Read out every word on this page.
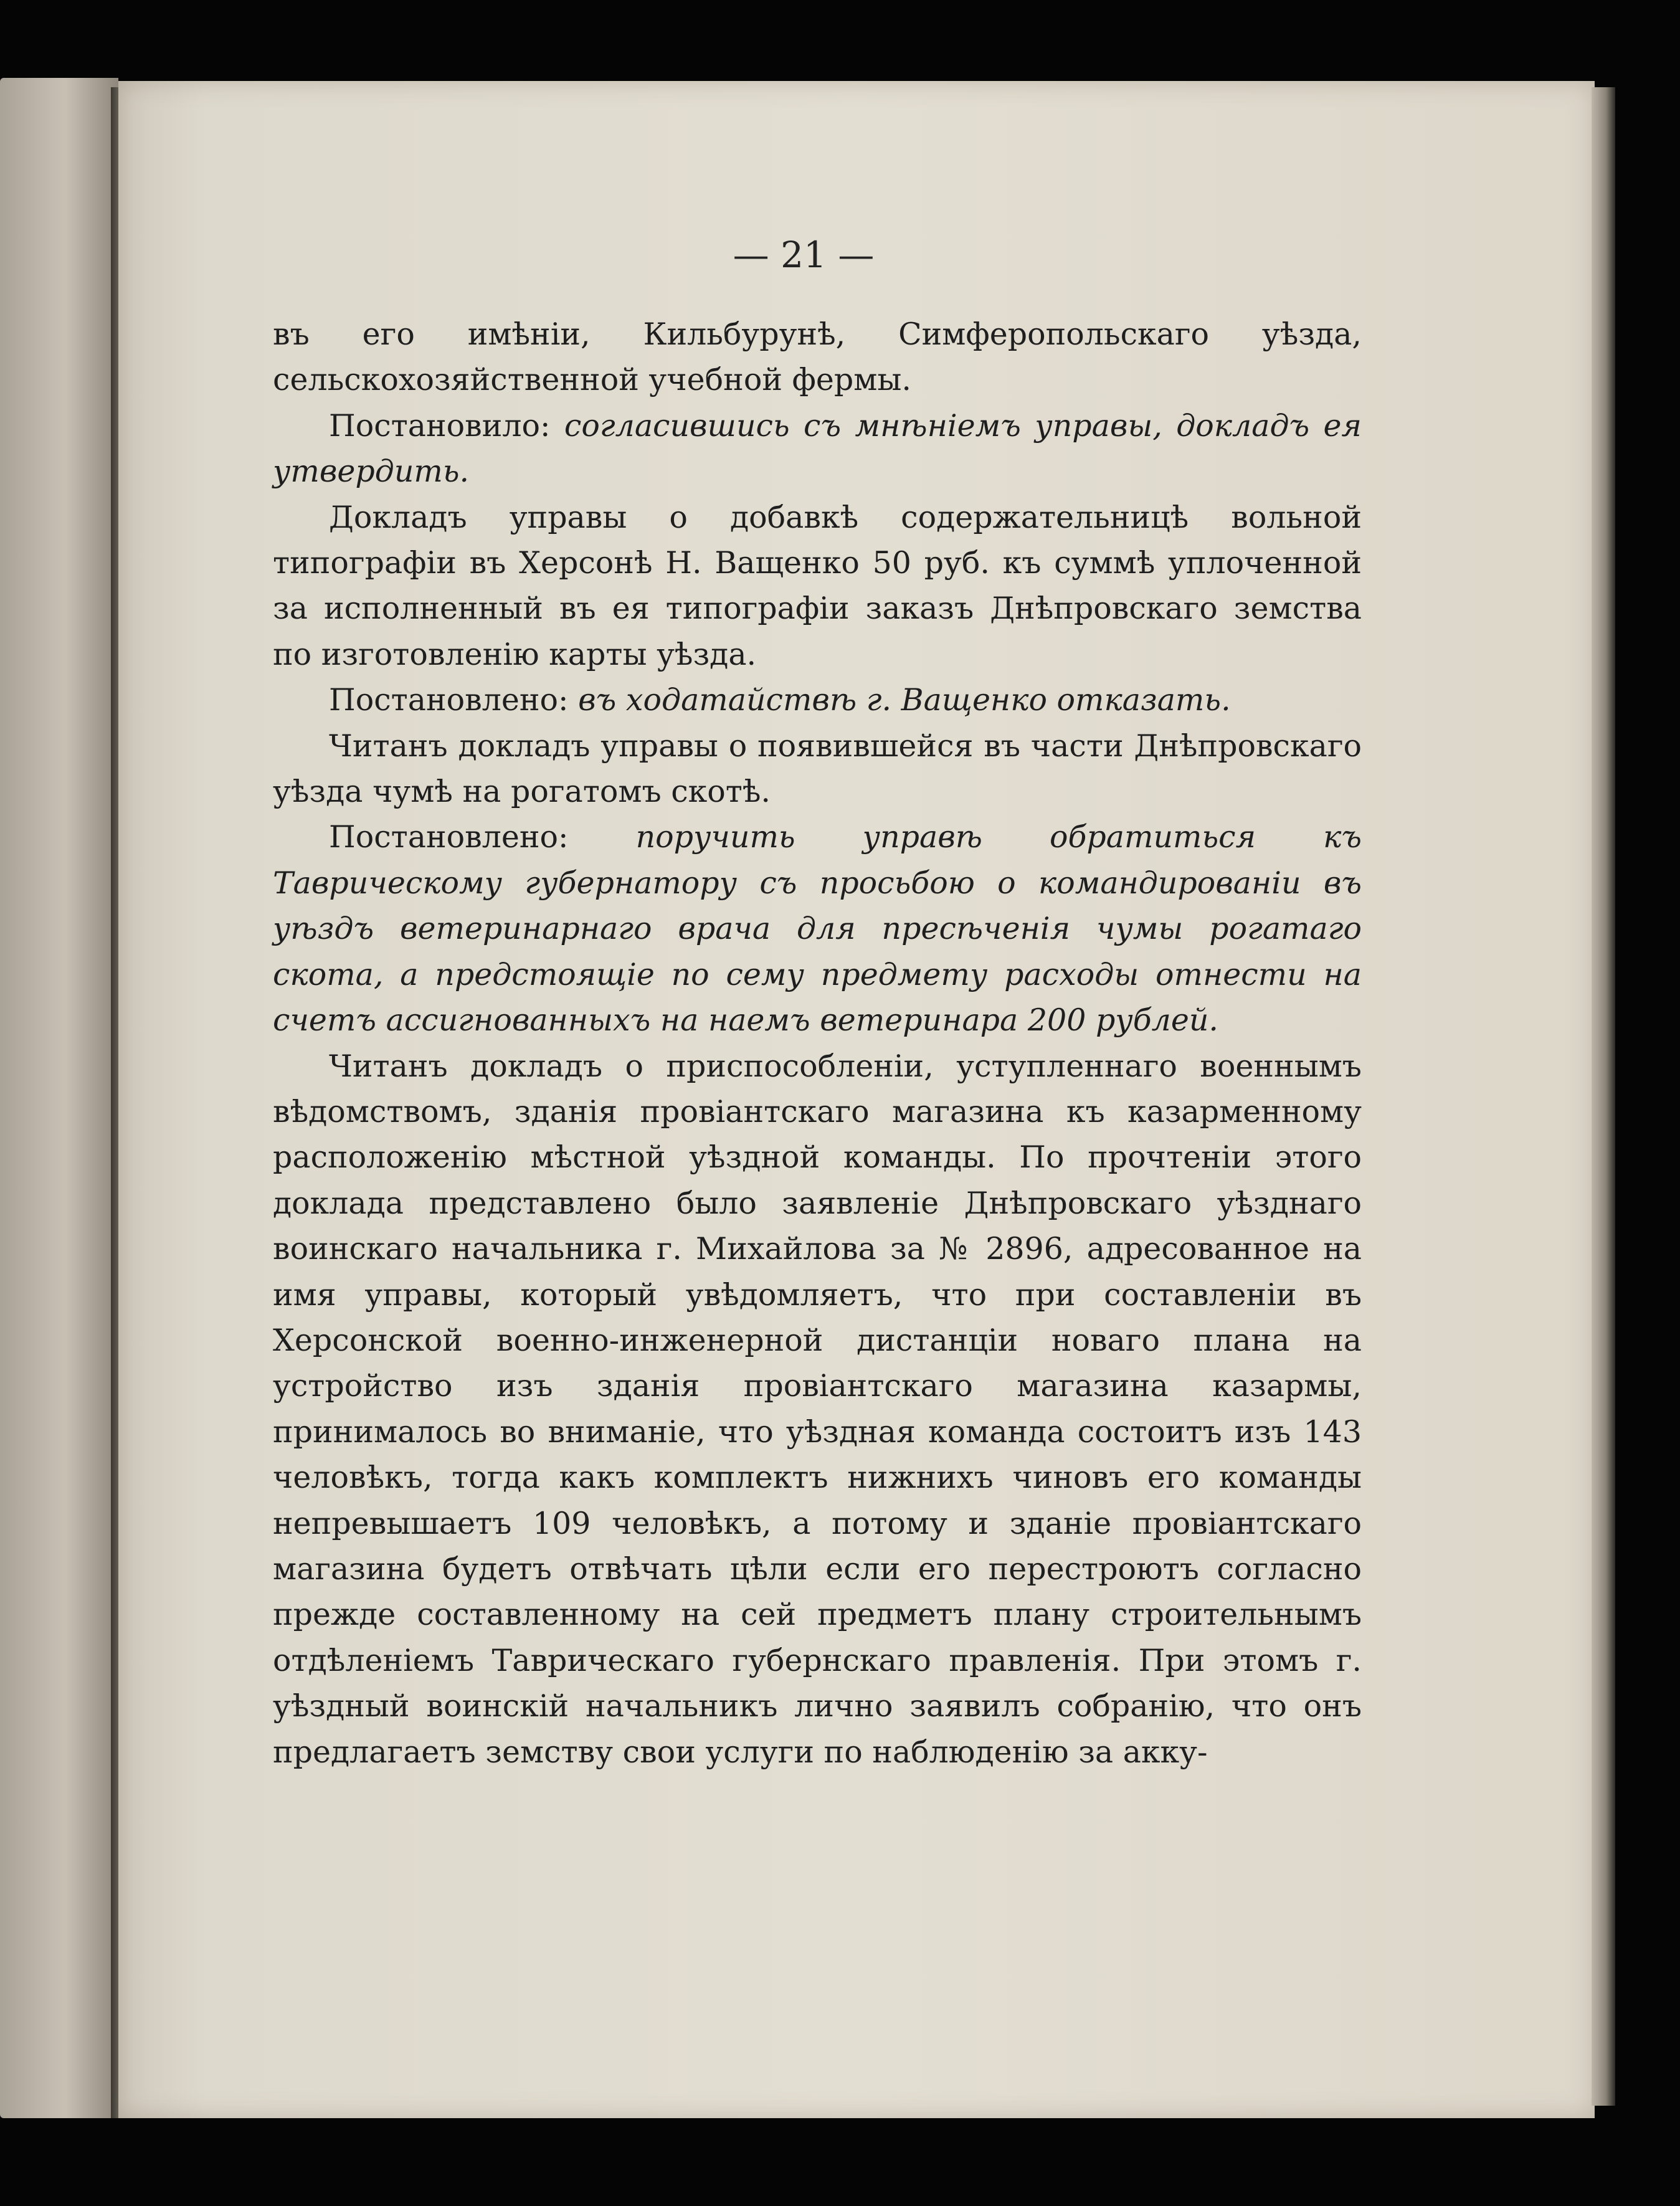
— 21 —

въ его имѣніи, Кильбурунѣ, Симферопольскаго уѣзда, сельскохозяйственной учебной фермы.

Постановило: согласившись съ мнѣніемъ управы, докладъ ея утвердить.

Докладъ управы о добавкѣ содержательницѣ вольной типографіи въ Херсонѣ Н. Ващенко 50 руб. къ суммѣ уплоченной за исполненный въ ея типографіи заказъ Днѣпровскаго земства по изготовленію карты уѣзда.

Постановлено: въ ходатайствѣ г. Ващенко отказать.

Читанъ докладъ управы о появившейся въ части Днѣпровскаго уѣзда чумѣ на рогатомъ скотѣ.

Постановлено: поручить управѣ обратиться къ Таврическому губернатору съ просьбою о командированіи въ уѣздъ ветеринарнаго врача для пресѣченія чумы рогатаго скота, а предстоящіе по сему предмету расходы отнести на счетъ ассигнованныхъ на наемъ ветеринара 200 рублей.

Читанъ докладъ о приспособленіи, уступленнаго военнымъ вѣдомствомъ, зданія провіантскаго магазина къ казарменному расположенію мѣстной уѣздной команды. По прочтеніи этого доклада представлено было заявленіе Днѣпровскаго уѣзднаго воинскаго начальника г. Михайлова за № 2896, адресованное на имя управы, который увѣдомляетъ, что при составленіи въ Херсонской военно-инженерной дистанціи новаго плана на устройство изъ зданія провіантскаго магазина казармы, принималось во вниманіе, что уѣздная команда состоитъ изъ 143 человѣкъ, тогда какъ комплектъ нижнихъ чиновъ его команды непревышаетъ 109 человѣкъ, а потому и зданіе провіантскаго магазина будетъ отвѣчать цѣли если его перестроютъ согласно прежде составленному на сей предметъ плану строительнымъ отдѣленіемъ Таврическаго губернскаго правленія. При этомъ г. уѣздный воинскій начальникъ лично заявилъ собранію, что онъ предлагаетъ земству свои услуги по наблюденію за акку-
